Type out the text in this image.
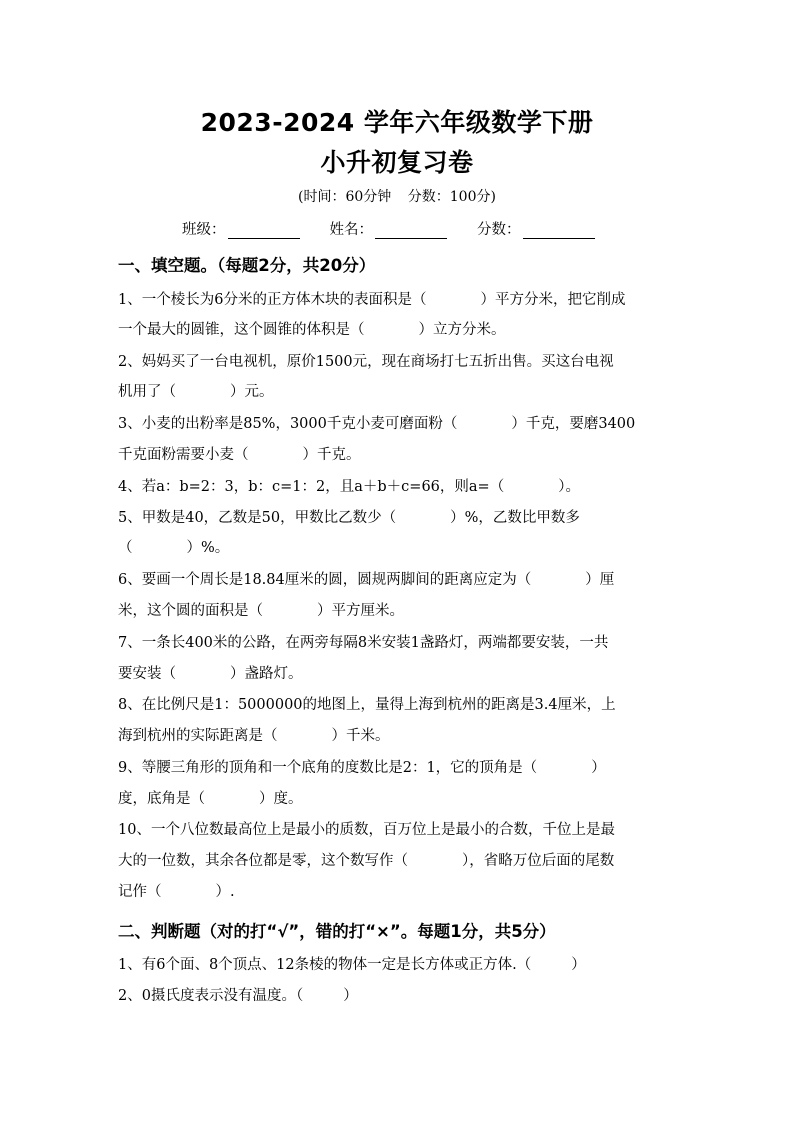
2023-2024 学年六年级数学下册
小升初复习卷
(时间：60分钟 分数：100分)
班级：	姓名：	分数：
一、填空题。（每题2分，共20分）
1、一个棱长为6分米的正方体木块的表面积是（	）平方分米，把它削成
一个最大的圆锥，这个圆锥的体积是（	）立方分米。
2、妈妈买了一台电视机，原价1500元，现在商场打七五折出售。买这台电视
机用了（	）元。
3、小麦的出粉率是85%，3000千克小麦可磨面粉（	）千克，要磨3400
千克面粉需要小麦（	）千克。
4、若a：b=2：3，b：c=1：2，且a＋b＋c=66，则a=（	）。
5、甲数是40，乙数是50，甲数比乙数少（	）%，乙数比甲数多
（	）%。
6、要画一个周长是18.84厘米的圆，圆规两脚间的距离应定为（	）厘
米，这个圆的面积是（	）平方厘米。
7、一条长400米的公路，在两旁每隔8米安装1盏路灯，两端都要安装，一共
要安装（	）盏路灯。
8、在比例尺是1：5000000的地图上，量得上海到杭州的距离是3.4厘米，上
海到杭州的实际距离是（	）千米。
9、等腰三角形的顶角和一个底角的度数比是2：1，它的顶角是（	）
度，底角是（	）度。
10、一个八位数最高位上是最小的质数，百万位上是最小的合数，千位上是最
大的一位数，其余各位都是零，这个数写作（	），省略万位后面的尾数
记作（	）.
二、判断题（对的打“√”，错的打“×”。每题1分，共5分）
1、有6个面、8个顶点、12条棱的物体一定是长方体或正方体.（	）
2、0摄氏度表示没有温度。（	）
